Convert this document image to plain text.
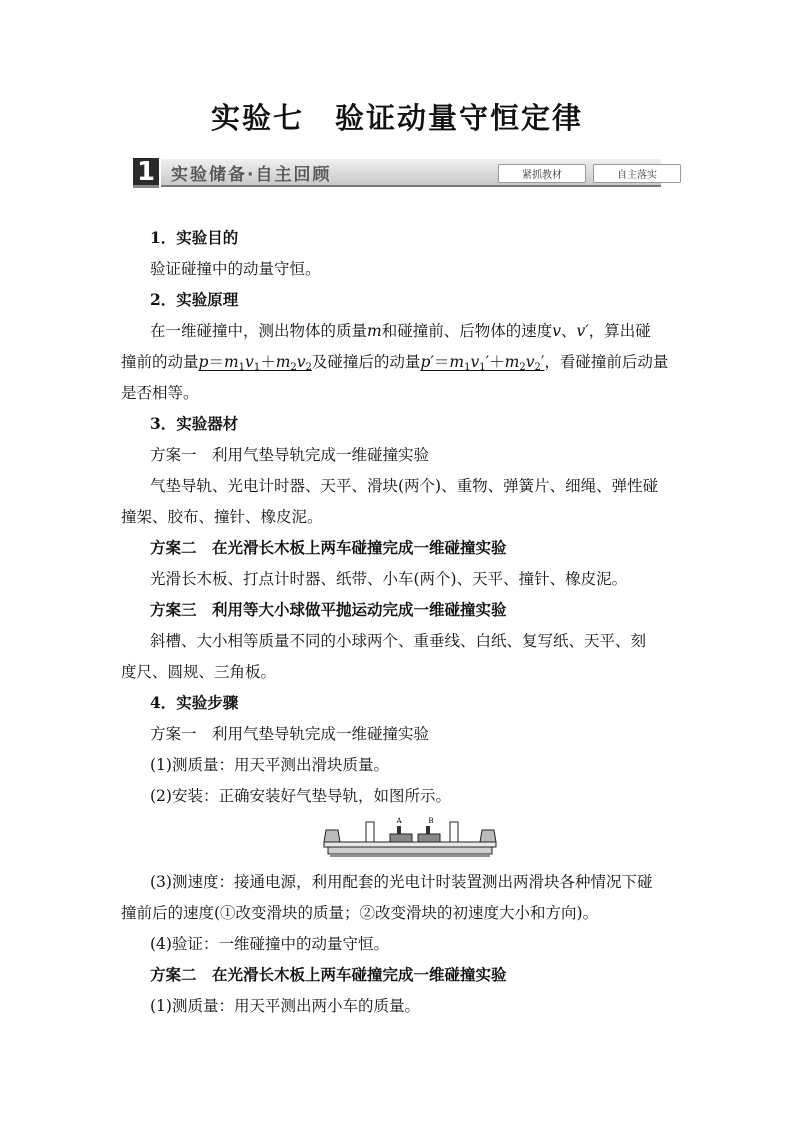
实验七　验证动量守恒定律
1 实验储备·自主回顾	紧抓教材	自主落实
1．实验目的
验证碰撞中的动量守恒。
2．实验原理
在一维碰撞中，测出物体的质量m和碰撞前、后物体的速度v、v′，算出碰
撞前的动量$p=m_1v_1+m_2v_2$及碰撞后的动量$p'=m_1v_1'+m_2v_2'$，看碰撞前后动量
是否相等。
3．实验器材
方案一　利用气垫导轨完成一维碰撞实验
气垫导轨、光电计时器、天平、滑块(两个)、重物、弹簧片、细绳、弹性碰
撞架、胶布、撞针、橡皮泥。
方案二　在光滑长木板上两车碰撞完成一维碰撞实验
光滑长木板、打点计时器、纸带、小车(两个)、天平、撞针、橡皮泥。
方案三　利用等大小球做平抛运动完成一维碰撞实验
斜槽、大小相等质量不同的小球两个、重垂线、白纸、复写纸、天平、刻
度尺、圆规、三角板。
4．实验步骤
方案一　利用气垫导轨完成一维碰撞实验
(1)测质量：用天平测出滑块质量。
(2)安装：正确安装好气垫导轨，如图所示。
A	B
(3)测速度：接通电源，利用配套的光电计时装置测出两滑块各种情况下碰
撞前后的速度(①改变滑块的质量；②改变滑块的初速度大小和方向)。
(4)验证：一维碰撞中的动量守恒。
方案二　在光滑长木板上两车碰撞完成一维碰撞实验
(1)测质量：用天平测出两小车的质量。
